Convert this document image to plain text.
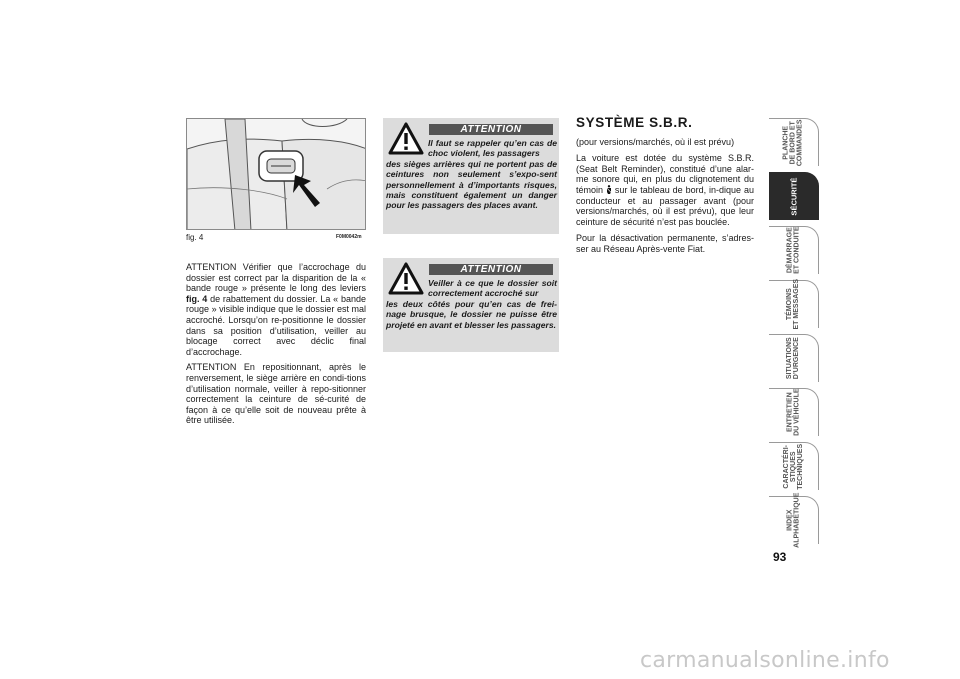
fig. 4	F0M0042m

ATTENTION Vérifier que l’accrochage du dossier est correct par la disparition de la « bande rouge » présente le long des leviers fig. 4 de rabattement du dossier. La « bande rouge » visible indique que le dossier est mal accroché. Lorsqu’on re-positionne le dossier dans sa position d’utilisation, veiller au blocage correct avec déclic final d’accrochage.

ATTENTION En repositionnant, après le renversement, le siège arrière en condi-tions d’utilisation normale, veiller à repo-sitionner correctement la ceinture de sé-curité de façon à ce qu’elle soit de nouveau prête à être utilisée.

ATTENTION
Il faut se rappeler qu’en cas de choc violent, les passagers
des sièges arrières qui ne portent pas de ceintures non seulement s’expo-sent personnellement à d’importants risques, mais constituent également un danger pour les passagers des places avant.
ATTENTION
Veiller à ce que le dossier soit correctement accroché sur
les deux côtés pour qu’en cas de frei-nage brusque, le dossier ne puisse être projeté en avant et blesser les passagers.
SYSTÈME S.B.R.

(pour versions/marchés, où il est prévu)

La voiture est dotée du système S.B.R. (Seat Belt Reminder), constitué d’une alar-me sonore qui, en plus du clignotement du témoin  sur le tableau de bord, in-dique au conducteur et au passager avant (pour versions/marchés, où il est prévu), que leur ceinture de sécurité n’est pas bouclée.

Pour la désactivation permanente, s’adres-ser au Réseau Après-vente Fiat.

PLANCHE
DE BORD ET
COMMANDES
SÉCURITÉ
DÉMARRAGE
ET CONDUITE
TÉMOINS
ET MESSAGES
SITUATIONS
D’URGENCE
ENTRETIEN
DU VÉHICULE
CARACTÉRI-
STIQUES
TECHNIQUES
INDEX
ALPHABÉTIQUE
93
carmanualsonline.info
